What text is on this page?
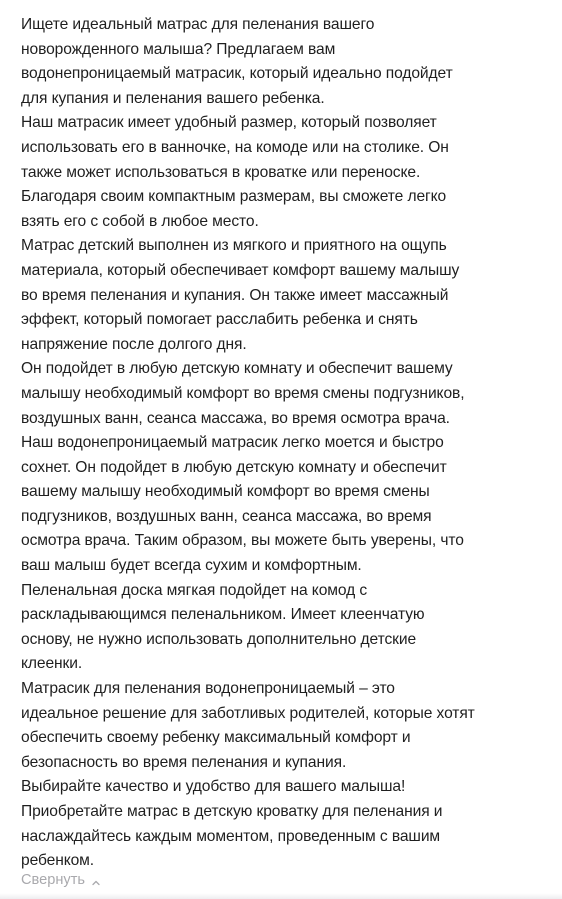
Ищете идеальный матрас для пеленания вашего
новорожденного малыша? Предлагаем вам
водонепроницаемый матрасик, который идеально подойдет
для купания и пеленания вашего ребенка.
Наш матрасик имеет удобный размер, который позволяет
использовать его в ванночке, на комоде или на столике. Он
также может использоваться в кроватке или переноске.
Благодаря своим компактным размерам, вы сможете легко
взять его с собой в любое место.
Матрас детский выполнен из мягкого и приятного на ощупь
материала, который обеспечивает комфорт вашему малышу
во время пеленания и купания. Он также имеет массажный
эффект, который помогает расслабить ребенка и снять
напряжение после долгого дня.
Он подойдет в любую детскую комнату и обеспечит вашему
малышу необходимый комфорт во время смены подгузников,
воздушных ванн, сеанса массажа, во время осмотра врача.
Наш водонепроницаемый матрасик легко моется и быстро
сохнет. Он подойдет в любую детскую комнату и обеспечит
вашему малышу необходимый комфорт во время смены
подгузников, воздушных ванн, сеанса массажа, во время
осмотра врача. Таким образом, вы можете быть уверены, что
ваш малыш будет всегда сухим и комфортным.
Пеленальная доска мягкая подойдет на комод с
раскладывающимся пеленальником. Имеет клеенчатую
основу, не нужно использовать дополнительно детские
клеенки.
Матрасик для пеленания водонепроницаемый – это
идеальное решение для заботливых родителей, которые хотят
обеспечить своему ребенку максимальный комфорт и
безопасность во время пеленания и купания.
Выбирайте качество и удобство для вашего малыша!
Приобретайте матрас в детскую кроватку для пеленания и
наслаждайтесь каждым моментом, проведенным с вашим
ребенком.
Свернуть
